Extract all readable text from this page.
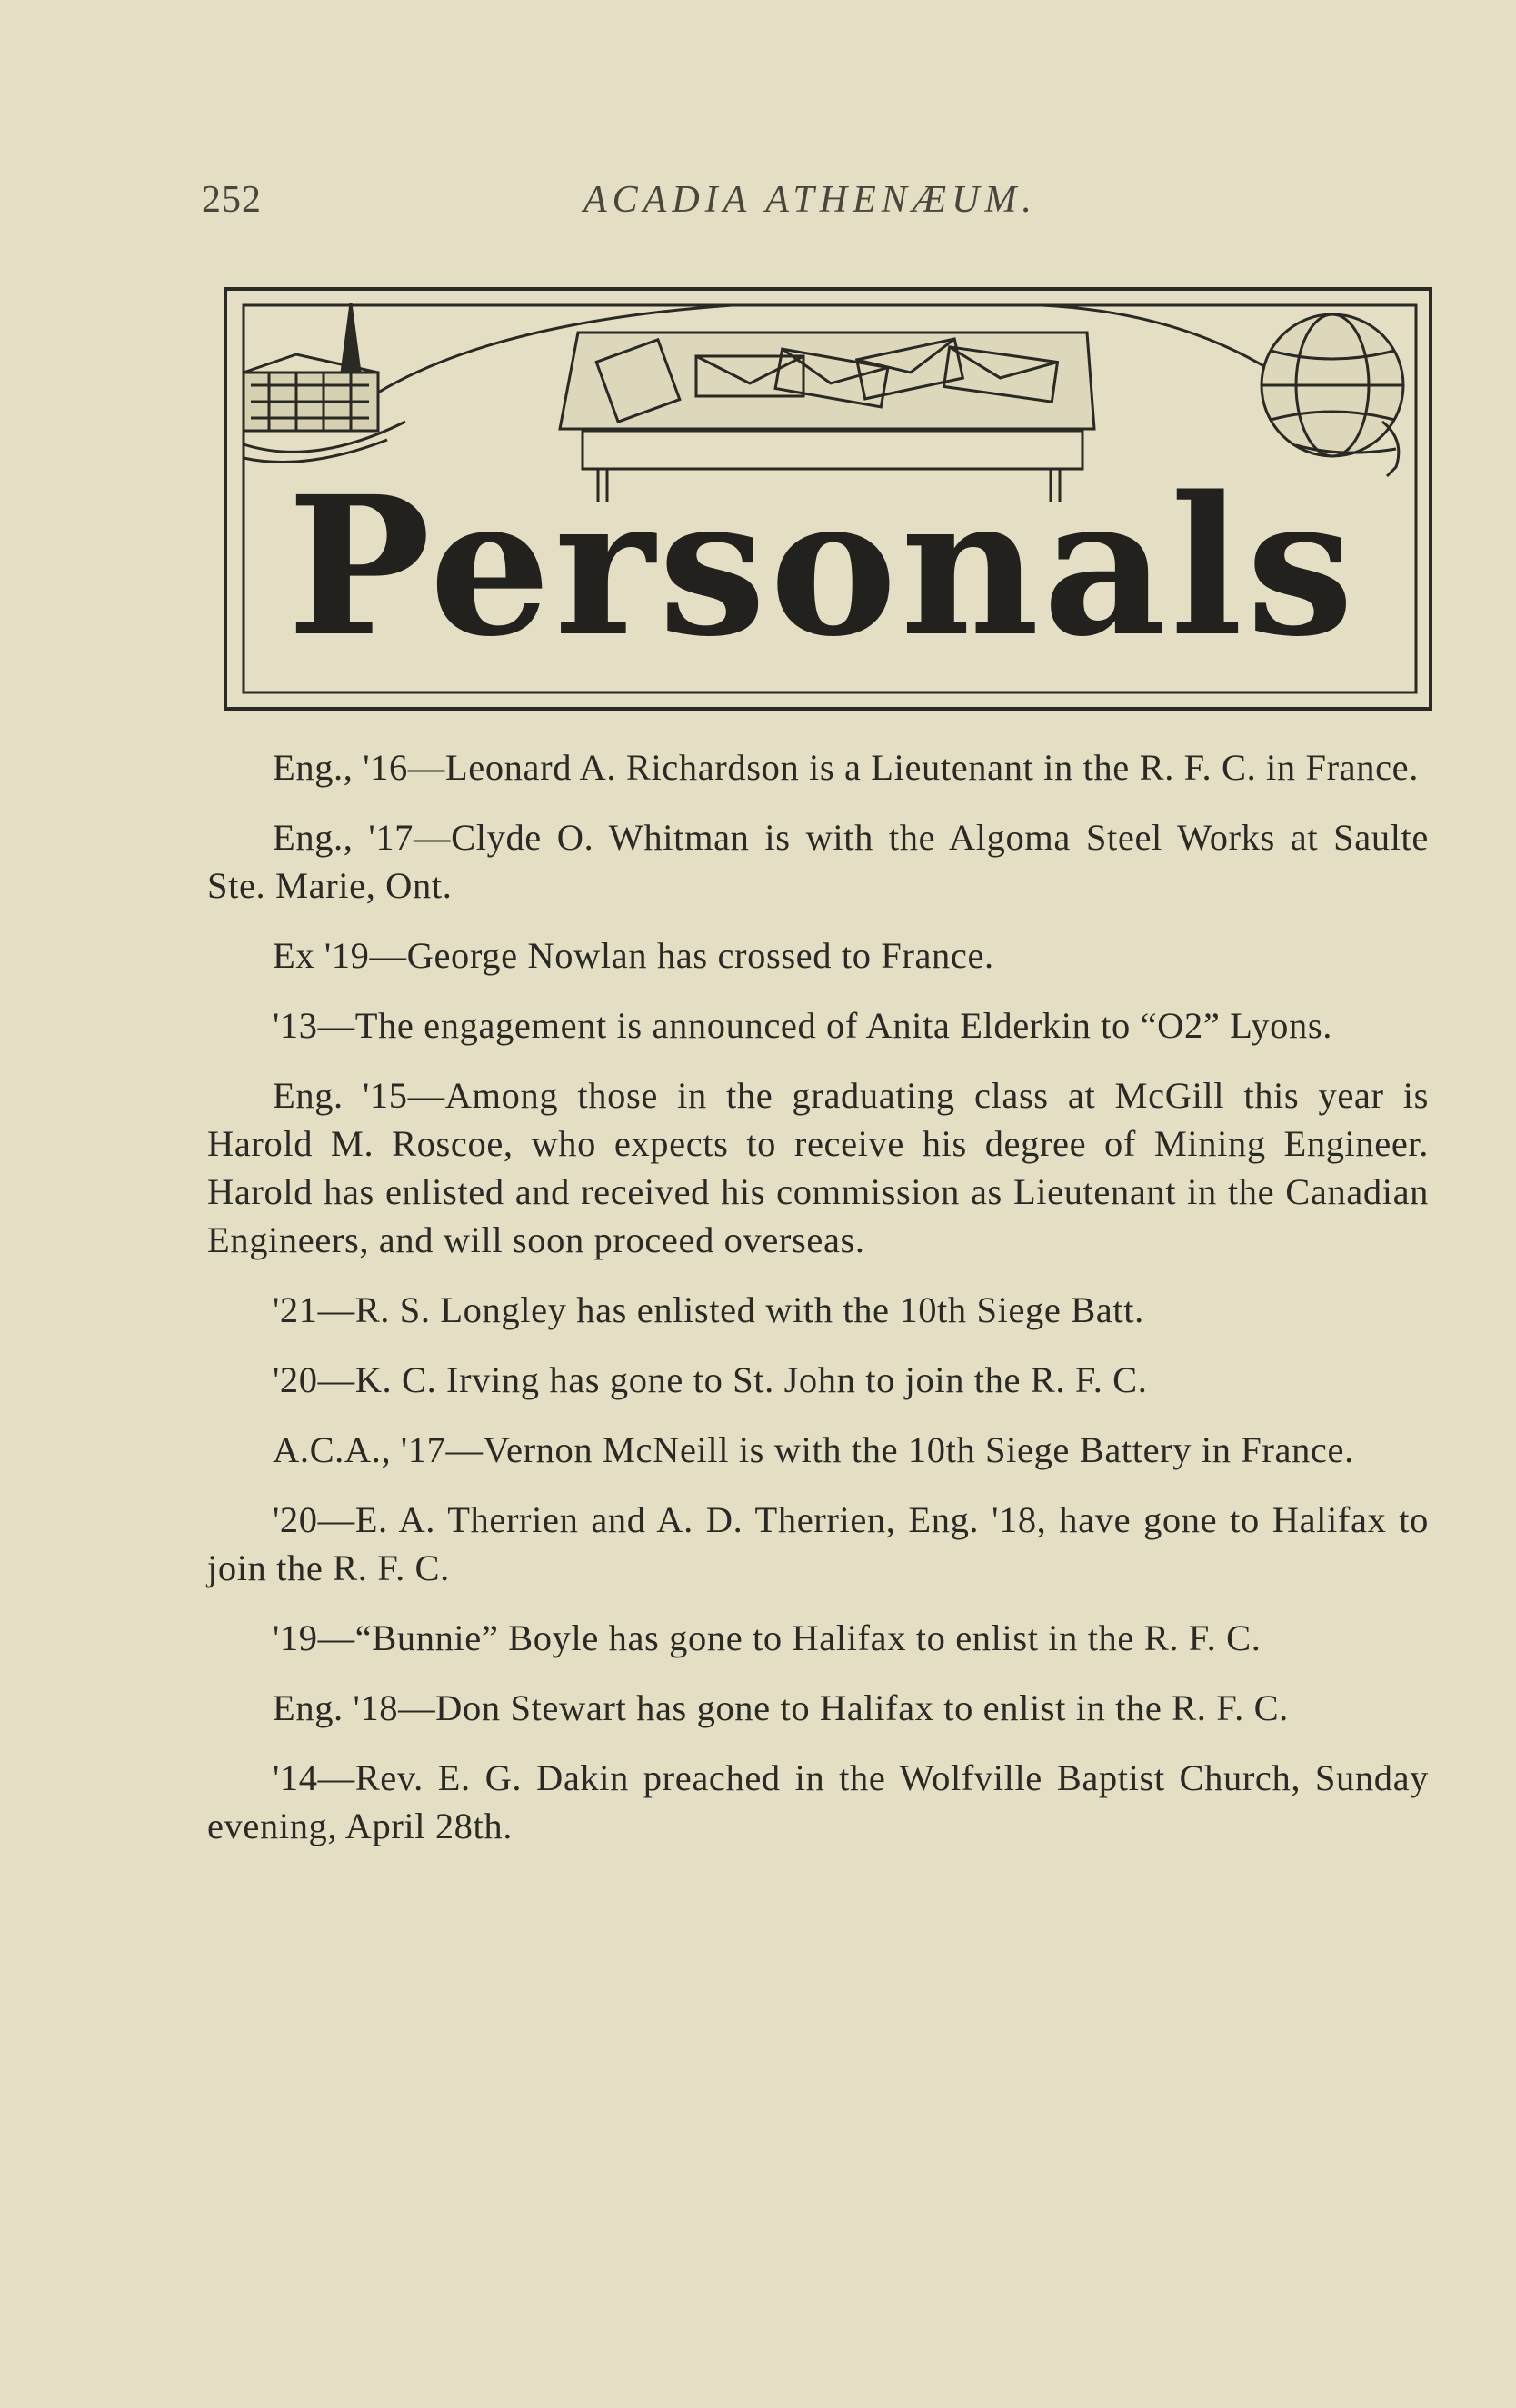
252	ACADIA ATHENÆUM.
Personals

Eng., '16—Leonard A. Richardson is a Lieutenant in the R. F. C. in France.

Eng., '17—Clyde O. Whitman is with the Algoma Steel Works at Saulte Ste. Marie, Ont.

Ex '19—George Nowlan has crossed to France.

'13—The engagement is announced of Anita Elderkin to “O2” Lyons.

Eng. '15—Among those in the graduating class at McGill this year is Harold M. Roscoe, who expects to receive his degree of Mining Engineer. Harold has enlisted and received his commission as Lieutenant in the Canadian Engineers, and will soon proceed overseas.

'21—R. S. Longley has enlisted with the 10th Siege Batt.

'20—K. C. Irving has gone to St. John to join the R. F. C.

A.C.A., '17—Vernon McNeill is with the 10th Siege Battery in France.

'20—E. A. Therrien and A. D. Therrien, Eng. '18, have gone to Halifax to join the R. F. C.

'19—“Bunnie” Boyle has gone to Halifax to enlist in the R. F. C.

Eng. '18—Don Stewart has gone to Halifax to enlist in the R. F. C.

'14—Rev. E. G. Dakin preached in the Wolfville Baptist Church, Sunday evening, April 28th.
